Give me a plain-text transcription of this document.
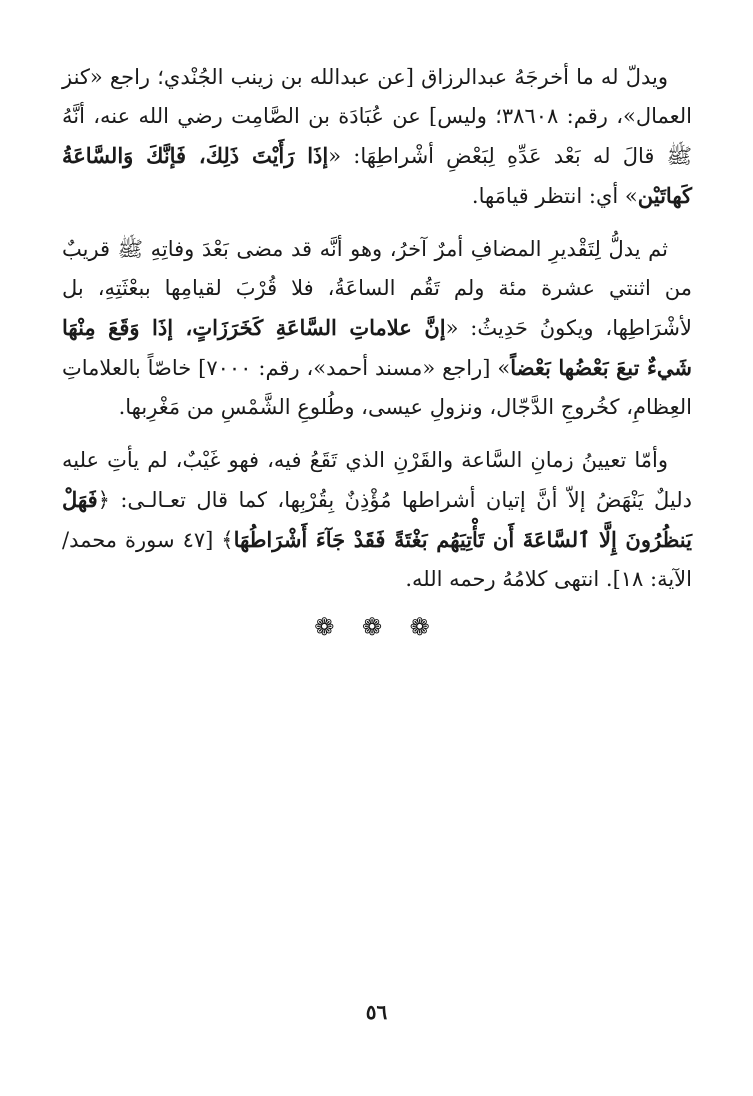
ويدلّ له ما أخرجَهُ عبدالرزاق [عن عبدالله بن زينب الجُنْدي؛ راجع «كنز العمال»، رقم: ٣٨٦٠٨؛ وليس] عن عُبَادَة بن الصَّامِت رضي الله عنه، أنَّهُ ﷺ قالَ له بَعْد عَدِّهِ لِبَعْضِ أشْراطِهَا: «إذَا رَأَيْتَ ذَلِكَ، فَإنَّكَ وَالسَّاعَةُ كَهاتَيْن» أي: انتظر قيامَها.

ثم يدلُّ لِتَقْديرِ المضافِ أمرٌ آخرُ، وهو أنَّه قد مضى بَعْدَ وفاتِهِ ﷺ قريبٌ من اثنتي عشرة مئة ولم تَقُم الساعَةُ، فلا قُرْبَ لقيامِها ببعْثَتِهِ، بل لأشْرَاطِها، ويكونُ حَدِيثُ: «إنَّ علاماتِ السَّاعَةِ كَخَرَزَاتٍ، إذَا وَقَعَ مِنْهَا شَيءٌ تبعَ بَعْضُها بَعْضاً» [راجع «مسند أحمد»، رقم: ٧٠٠٠] خاصّاً بالعلاماتِ العِظامِ، كخُروجِ الدَّجّال، ونزولِ عيسى، وطُلوعِ الشَّمْسِ من مَغْرِبها.

وأمّا تعيينُ زمانِ السَّاعة والقَرْنِ الذي تَقَعُ فيه، فهو غَيْبٌ، لم يأتِ عليه دليلٌ يَنْهَضُ إلاّ أنَّ إتيان أشراطها مُؤْذِنٌ بِقُرْبِها، كما قال تعـالـى: ﴿فَهَلْ يَنظُرُونَ إِلَّا ٱلسَّاعَةَ أَن تَأْتِيَهُم بَغْتَةً فَقَدْ جَآءَ أَشْرَاطُهَا﴾ [٤٧ سورة محمد/ الآية: ١٨]. انتهى كلامُهُ رحمه الله.

❁ ❁ ❁
٥٦
